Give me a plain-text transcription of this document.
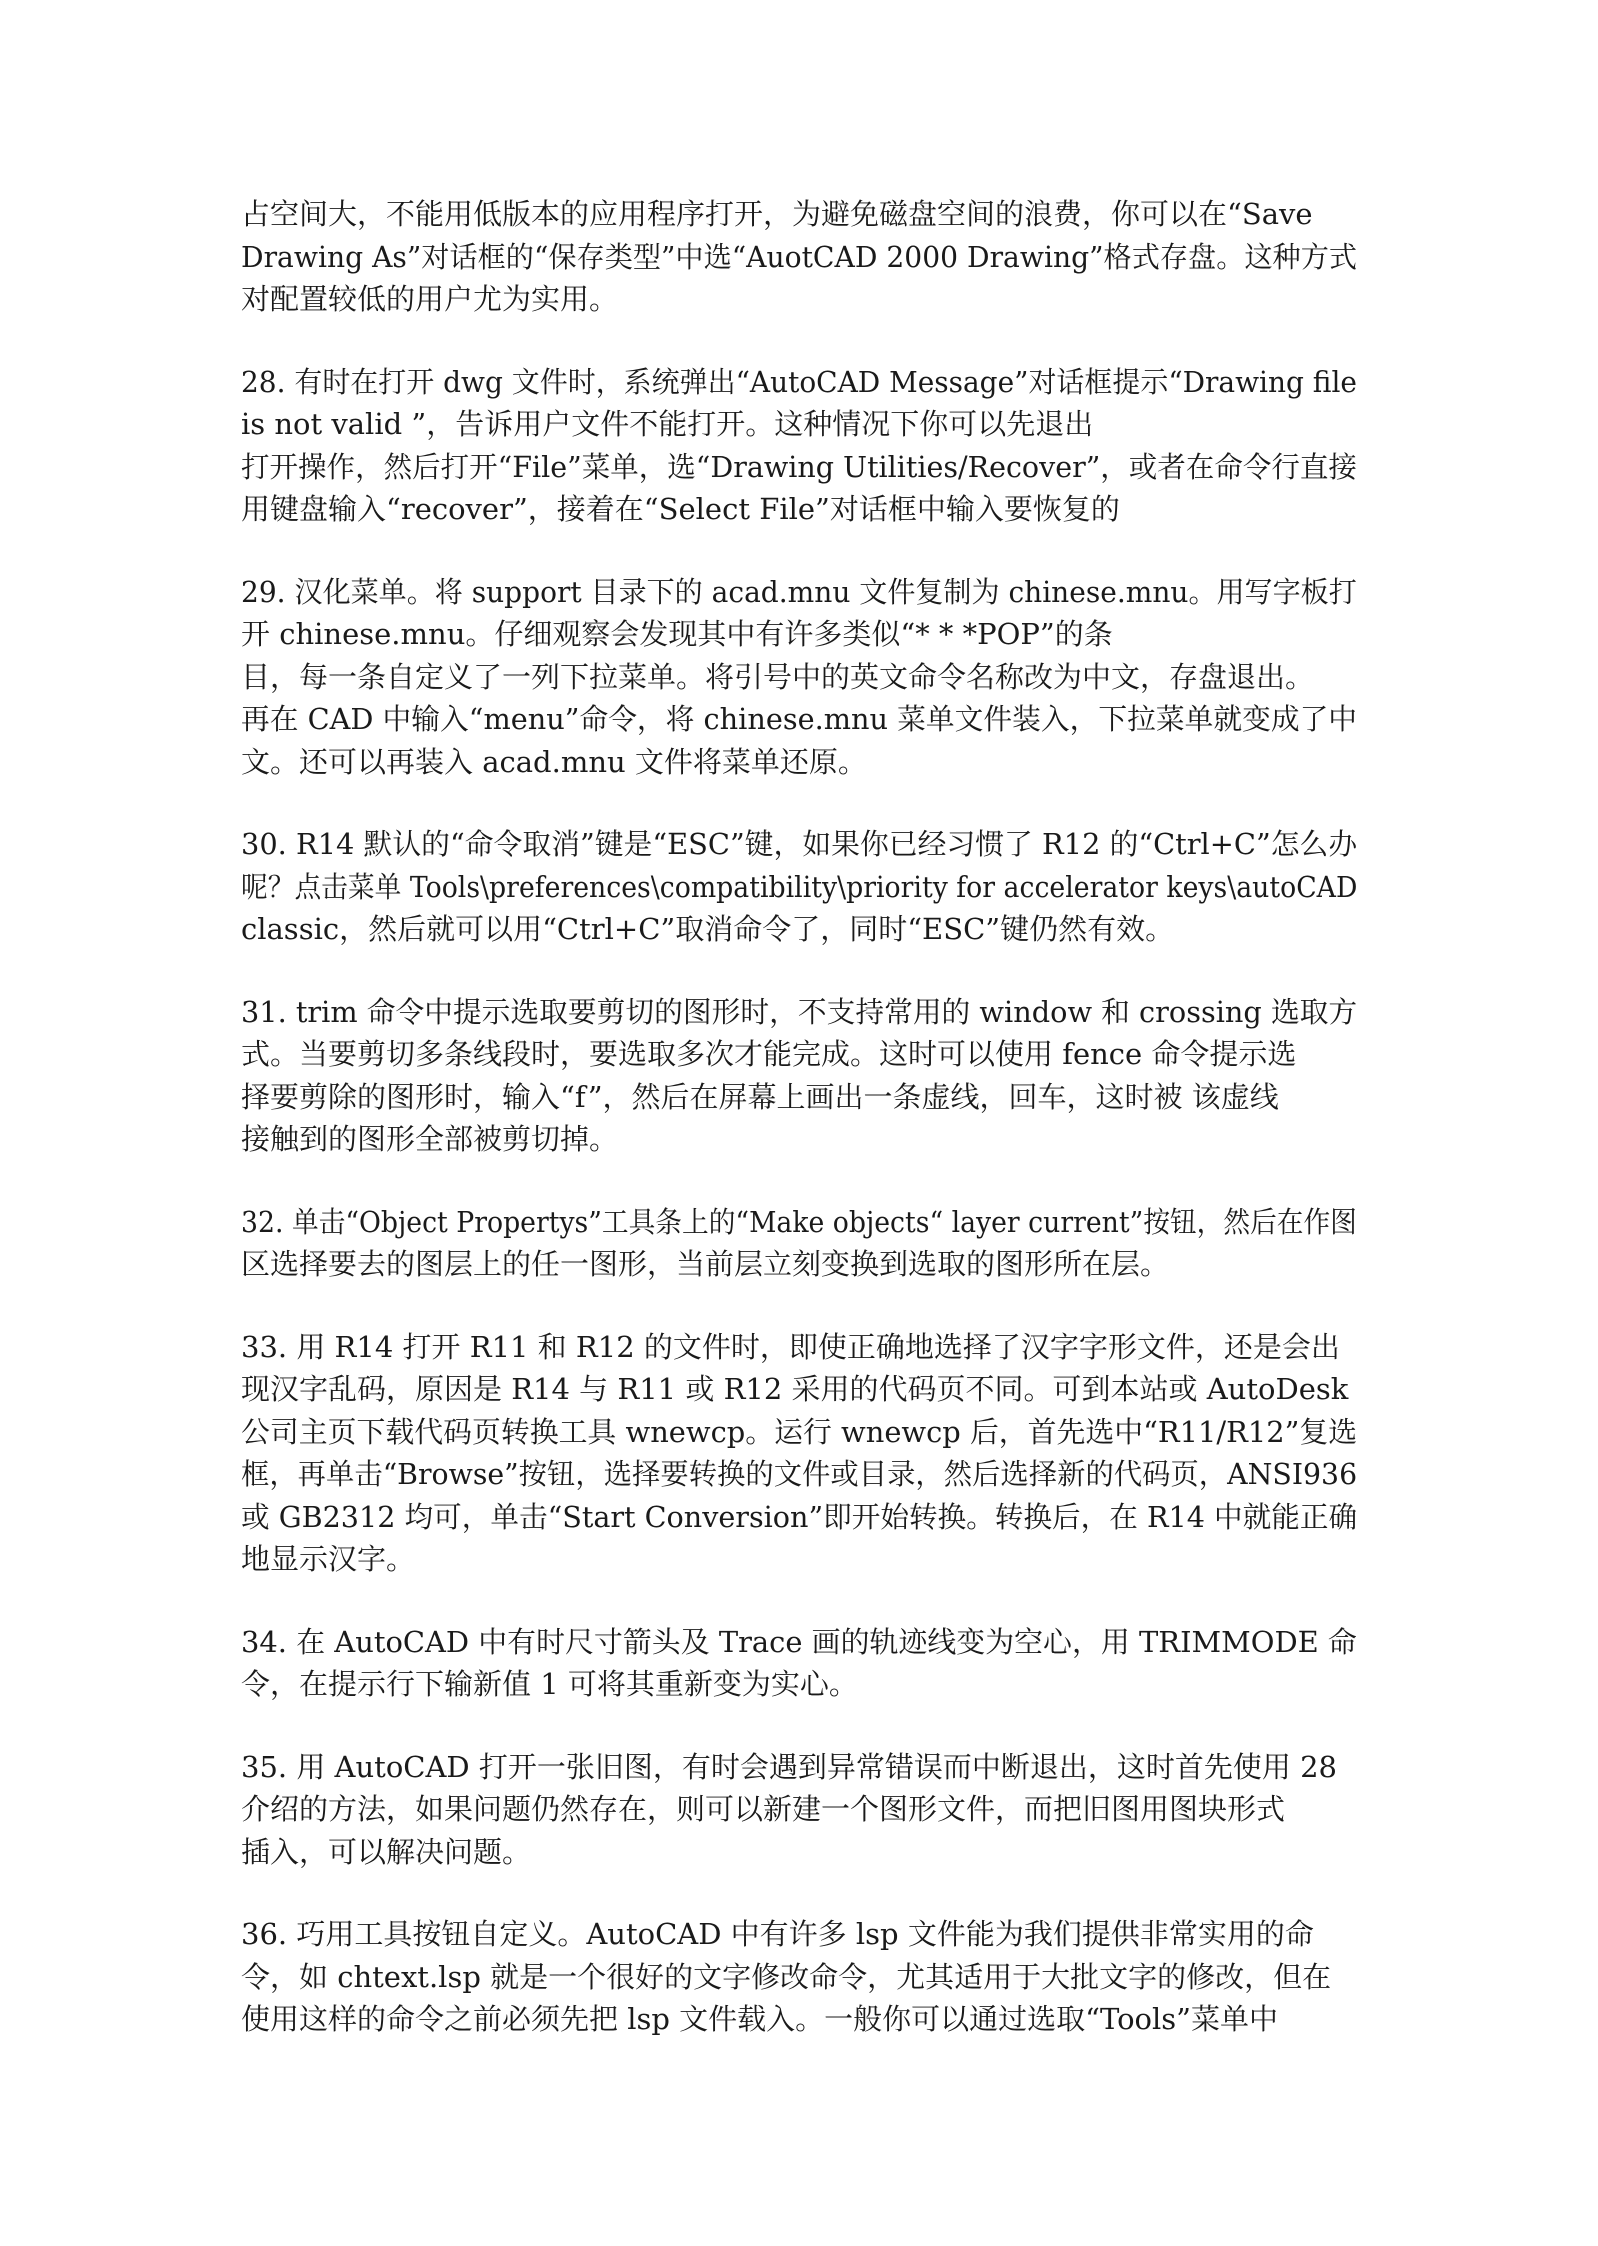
占空间大，不能用低版本的应用程序打开，为避免磁盘空间的浪费，你可以在“Save
Drawing As”对话框的“保存类型”中选“AuotCAD 2000 Drawing”格式存盘。这种方式
对配置较低的用户尤为实用。
28. 有时在打开 dwg 文件时，系统弹出“AutoCAD Message”对话框提示“Drawing file
is not valid ”，告诉用户文件不能打开。这种情况下你可以先退出
打开操作，然后打开“File”菜单，选“Drawing Utilities/Recover”，或者在命令行直接
用键盘输入“recover”，接着在“Select File”对话框中输入要恢复的
29. 汉化菜单。将 support 目录下的 acad.mnu 文件复制为 chinese.mnu。用写字板打
开 chinese.mnu。仔细观察会发现其中有许多类似“* * *POP”的条
目，每一条自定义了一列下拉菜单。将引号中的英文命令名称改为中文，存盘退出。
再在 CAD 中输入“menu”命令，将 chinese.mnu 菜单文件装入，下拉菜单就变成了中
文。还可以再装入 acad.mnu 文件将菜单还原。
30. R14 默认的“命令取消”键是“ESC”键，如果你已经习惯了 R12 的“Ctrl+C”怎么办
呢？点击菜单 Tools\preferences\compatibility\priority for accelerator keys\autoCAD
classic，然后就可以用“Ctrl+C”取消命令了，同时“ESC”键仍然有效。
31. trim 命令中提示选取要剪切的图形时，不支持常用的 window 和 crossing 选取方
式。当要剪切多条线段时，要选取多次才能完成。这时可以使用 fence 命令提示选
择要剪除的图形时，输入“f”，然后在屏幕上画出一条虚线，回车，这时被 该虚线
接触到的图形全部被剪切掉。
32. 单击“Object Propertys”工具条上的“Make objects“ layer current”按钮，然后在作图
区选择要去的图层上的任一图形，当前层立刻变换到选取的图形所在层。
33. 用 R14 打开 R11 和 R12 的文件时，即使正确地选择了汉字字形文件，还是会出
现汉字乱码，原因是 R14 与 R11 或 R12 采用的代码页不同。可到本站或 AutoDesk
公司主页下载代码页转换工具 wnewcp。运行 wnewcp 后，首先选中“R11/R12”复选
框，再单击“Browse”按钮，选择要转换的文件或目录，然后选择新的代码页，ANSI936
或 GB2312 均可，单击“Start Conversion”即开始转换。转换后，在 R14 中就能正确
地显示汉字。
34. 在 AutoCAD 中有时尺寸箭头及 Trace 画的轨迹线变为空心，用 TRIMMODE 命
令，在提示行下输新值 1 可将其重新变为实心。
35. 用 AutoCAD 打开一张旧图，有时会遇到异常错误而中断退出，这时首先使用 28
介绍的方法，如果问题仍然存在，则可以新建一个图形文件，而把旧图用图块形式
插入，可以解决问题。
36. 巧用工具按钮自定义。AutoCAD 中有许多 lsp 文件能为我们提供非常实用的命
令，如 chtext.lsp 就是一个很好的文字修改命令，尤其适用于大批文字的修改，但在
使用这样的命令之前必须先把 lsp 文件载入。一般你可以通过选取“Tools”菜单中
